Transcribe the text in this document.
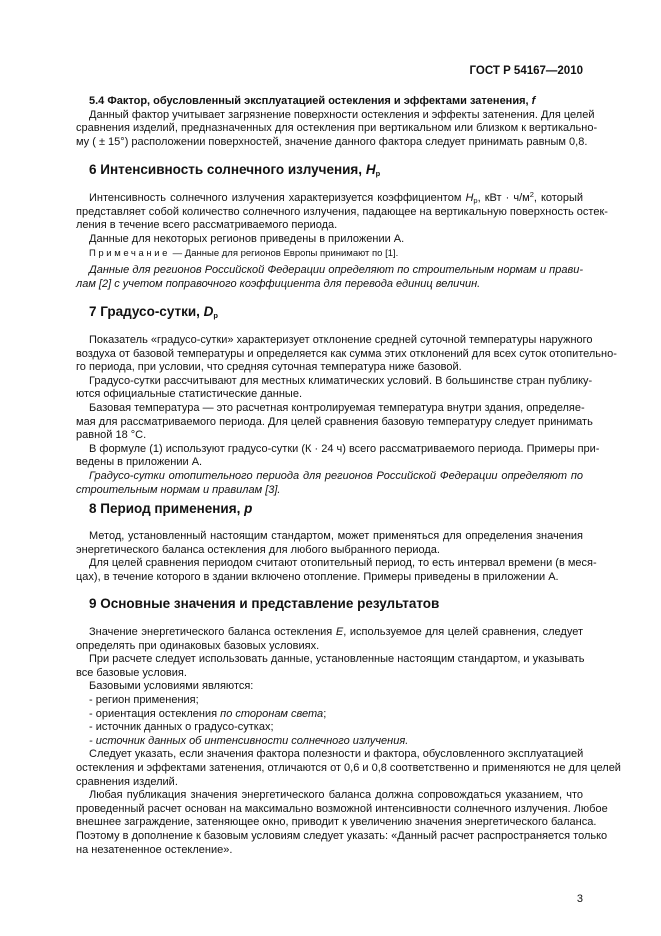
ГОСТ Р 54167—2010
5.4 Фактор, обусловленный эксплуатацией остекления и эффектами затенения, f
Данный фактор учитывает загрязнение поверхности остекления и эффекты затенения. Для целей
сравнения изделий, предназначенных для остекления при вертикальном или близком к вертикально-
му ( ± 15°) расположении поверхностей, значение данного фактора следует принимать равным 0,8.
6 Интенсивность солнечного излучения, $H_p$
Интенсивность солнечного излучения характеризуется коэффициентом $H_p$, кВт · $ч/м^2$, который
представляет собой количество солнечного излучения, падающее на вертикальную поверхность остек-
ления в течение всего рассматриваемого периода.
Данные для некоторых регионов приведены в приложении А.
Примечание — Данные для регионов Европы принимают по [1].
Данные для регионов Российской Федерации определяют по строительным нормам и прави-
лам [2] с учетом поправочного коэффициента для перевода единиц величин.
7 Градусо-сутки, $D_p$
Показатель «градусо-сутки» характеризует отклонение средней суточной температуры наружного
воздуха от базовой температуры и определяется как сумма этих отклонений для всех суток отопительно-
го периода, при условии, что средняя суточная температура ниже базовой.
Градусо-сутки рассчитывают для местных климатических условий. В большинстве стран публику-
ются официальные статистические данные.
Базовая температура — это расчетная контролируемая температура внутри здания, определяе-
мая для рассматриваемого периода. Для целей сравнения базовую температуру следует принимать
равной 18 °С.
В формуле (1) используют градусо-сутки (К · 24 ч) всего рассматриваемого периода. Примеры при-
ведены в приложении А.
Градусо-сутки отопительного периода для регионов Российской Федерации определяют по
строительным нормам и правилам [3].
8 Период применения, p
Метод, установленный настоящим стандартом, может применяться для определения значения
энергетического баланса остекления для любого выбранного периода.
Для целей сравнения периодом считают отопительный период, то есть интервал времени (в меся-
цах), в течение которого в здании включено отопление. Примеры приведены в приложении А.
9 Основные значения и представление результатов
Значение энергетического баланса остекления E, используемое для целей сравнения, следует
определять при одинаковых базовых условиях.
При расчете следует использовать данные, установленные настоящим стандартом, и указывать
все базовые условия.
Базовыми условиями являются:
- регион применения;
- ориентация остекления по сторонам света;
- источник данных о градусо-сутках;
- источник данных об интенсивности солнечного излучения.
Следует указать, если значения фактора полезности и фактора, обусловленного эксплуатацией
остекления и эффектами затенения, отличаются от 0,6 и 0,8 соответственно и применяются не для целей
сравнения изделий.
Любая публикация значения энергетического баланса должна сопровождаться указанием, что
проведенный расчет основан на максимально возможной интенсивности солнечного излучения. Любое
внешнее заграждение, затеняющее окно, приводит к увеличению значения энергетического баланса.
Поэтому в дополнение к базовым условиям следует указать: «Данный расчет распространяется только
на незатененное остекление».
3
